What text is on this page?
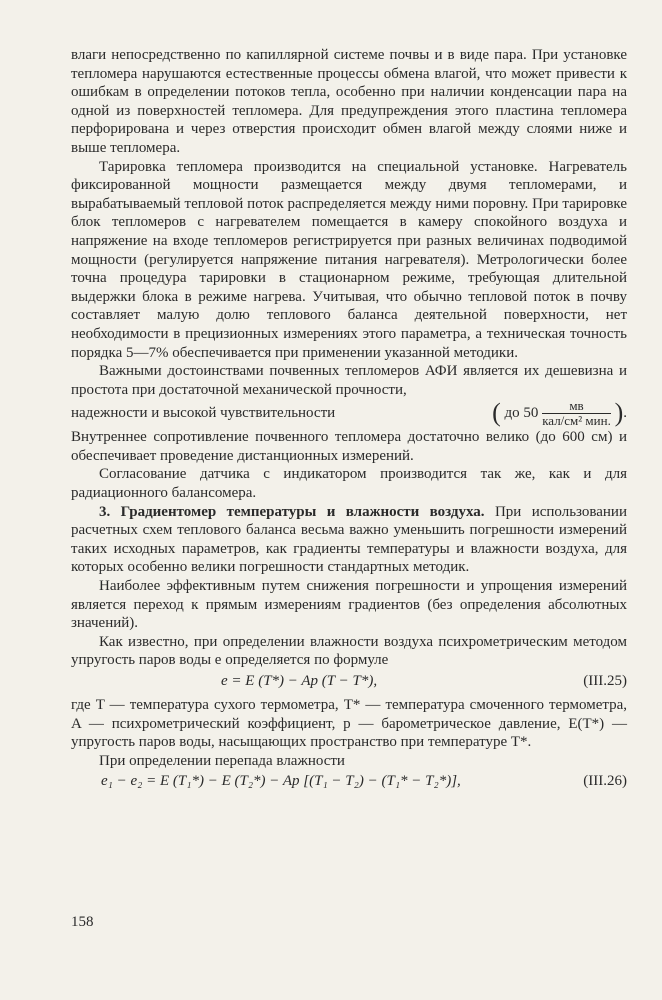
влаги непосредственно по капиллярной системе почвы и в виде пара. При установке тепломера нарушаются естественные процессы обмена влагой, что может привести к ошибкам в определении потоков тепла, особенно при наличии конденсации пара на одной из поверхностей тепломера. Для предупреждения этого пластина тепломера перфорирована и через отверстия происходит обмен влагой между слоями ниже и выше тепломера.

Тарировка тепломера производится на специальной установке. Нагреватель фиксированной мощности размещается между двумя тепломерами, и вырабатываемый тепловой поток распределяется между ними поровну. При тарировке блок тепломеров с нагревателем помещается в камеру спокойного воздуха и напряжение на входе тепломеров регистрируется при разных величинах подводимой мощности (регулируется напряжение питания нагревателя). Метрологически более точна процедура тарировки в стационарном режиме, требующая длительной выдержки блока в режиме нагрева. Учитывая, что обычно тепловой поток в почву составляет малую долю теплового баланса деятельной поверхности, нет необходимости в прецизионных измерениях этого параметра, а техническая точность порядка 5—7% обеспечивается при применении указанной методики.

Важными достоинствами почвенных тепломеров АФИ является их дешевизна и простота при достаточной механической прочности,

надежности и высокой чувствительности	( до $50 \frac{мв}{\text{кал/см² мин.}}$ ).

Внутреннее сопротивление почвенного тепломера достаточно велико (до 600 см) и обеспечивает проведение дистанционных измерений.

Согласование датчика с индикатором производится так же, как и для радиационного балансомера.

3. Градиентомер температуры и влажности воздуха. При использовании расчетных схем теплового баланса весьма важно уменьшить погрешности измерений таких исходных параметров, как градиенты температуры и влажности воздуха, для которых особенно велики погрешности стандартных методик.

Наиболее эффективным путем снижения погрешности и упрощения измерений является переход к прямым измерениям градиентов (без определения абсолютных значений).

Как известно, при определении влажности воздуха психрометрическим методом упругость паров воды e определяется по формуле

e = E (T*) − Ap (T − T*),	(III.25)

где T — температура сухого термометра, T* — температура смоченного термометра, A — психрометрический коэффициент, p — барометрическое давление, E(T*) — упругость паров воды, насыщающих пространство при температуре T*.

При определении перепада влажности

e₁ − e₂ = E (T₁*) − E (T₂*) − Ap [(T₁ − T₂) − (T₁* − T₂*)],	(III.26)
158
